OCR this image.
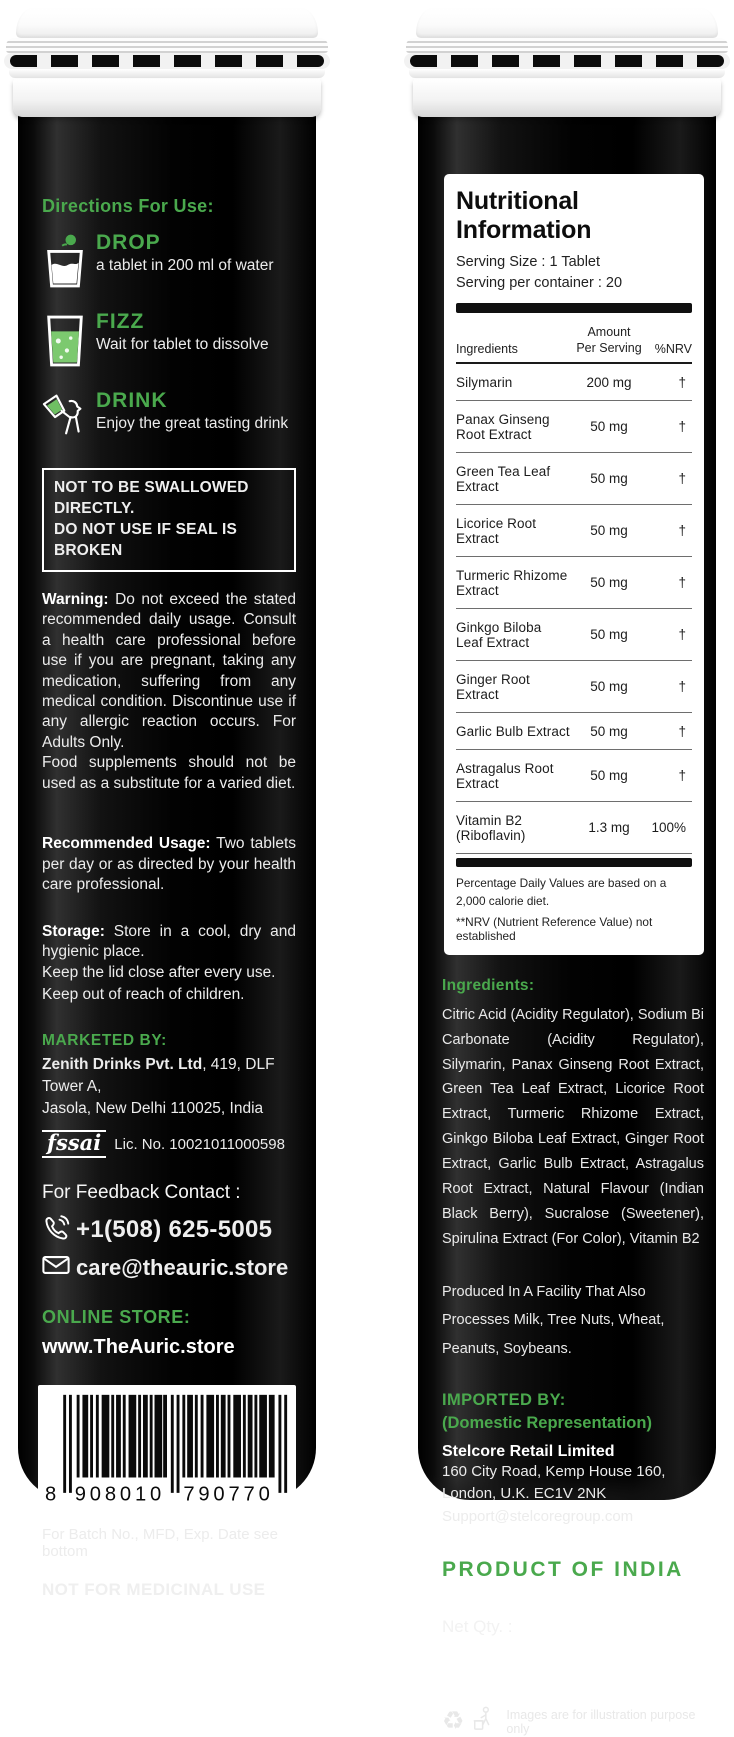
Directions For Use:
DROP
a tablet in 200 ml of water
FIZZ
Wait for tablet to dissolve
DRINK
Enjoy the great tasting drink
NOT TO BE SWALLOWED DIRECTLY.
DO NOT USE IF SEAL IS BROKEN

Warning: Do not exceed the stated recommended daily usage. Consult a health care professional before use if you are pregnant, taking any medication, suffering from any medical condition. Discontinue use if any allergic reaction occurs. For Adults Only.

Food supplements should not be used as a substitute for a varied diet.

Recommended Usage: Two tablets per day or as directed by your health care professional.

Storage: Store in a cool, dry and hygienic place.

Keep the lid close after every use.
Keep out of reach of children.
MARKETED BY:
Zenith Drinks Pvt. Ltd, 419, DLF Tower A,
Jasola, New Delhi 110025, India
fssai Lic. No. 10021011000598
For Feedback Contact :
+1(508) 625-5005
care@theauric.store
ONLINE STORE:
www.TheAuric.store
8 908010 790770
For Batch No., MFD, Exp. Date see bottom
NOT FOR MEDICINAL USE
Nutritional Information
Serving Size : 1 Tablet
Serving per container : 20
Ingredients
Amount
Per Serving	%NRV
Silymarin	200 mg	†
Panax Ginseng Root Extract	50 mg	†
Green Tea Leaf Extract	50 mg	†
Licorice Root Extract	50 mg	†
Turmeric Rhizome Extract	50 mg	†
Ginkgo Biloba Leaf Extract	50 mg	†
Ginger Root Extract	50 mg	†
Garlic Bulb Extract	50 mg	†
Astragalus Root Extract	50 mg	†
Vitamin B2 (Riboflavin)	1.3 mg	100%
Percentage Daily Values are based on a 2,000 calorie diet.
**NRV (Nutrient Reference Value) not established
Ingredients:
Citric Acid (Acidity Regulator), Sodium Bi Carbonate (Acidity Regulator), Silymarin, Panax Ginseng Root Extract, Green Tea Leaf Extract, Licorice Root Extract, Turmeric Rhizome Extract, Ginkgo Biloba Leaf Extract, Ginger Root Extract, Garlic Bulb Extract, Astragalus Root Extract, Natural Flavour (Indian Black Berry), Sucralose (Sweetener), Spirulina Extract (For Color), Vitamin B2
Produced In A Facility That Also Processes Milk, Tree Nuts, Wheat, Peanuts, Soybeans.
IMPORTED BY:
(Domestic Representation)
Stelcore Retail Limited
160 City Road, Kemp House 160,
London, U.K. EC1V 2NK
Support@stelcoregroup.com
PRODUCT OF INDIA
Net Qty. : 20 Effervescent Tabs
♻	Images are for illustration purpose only
